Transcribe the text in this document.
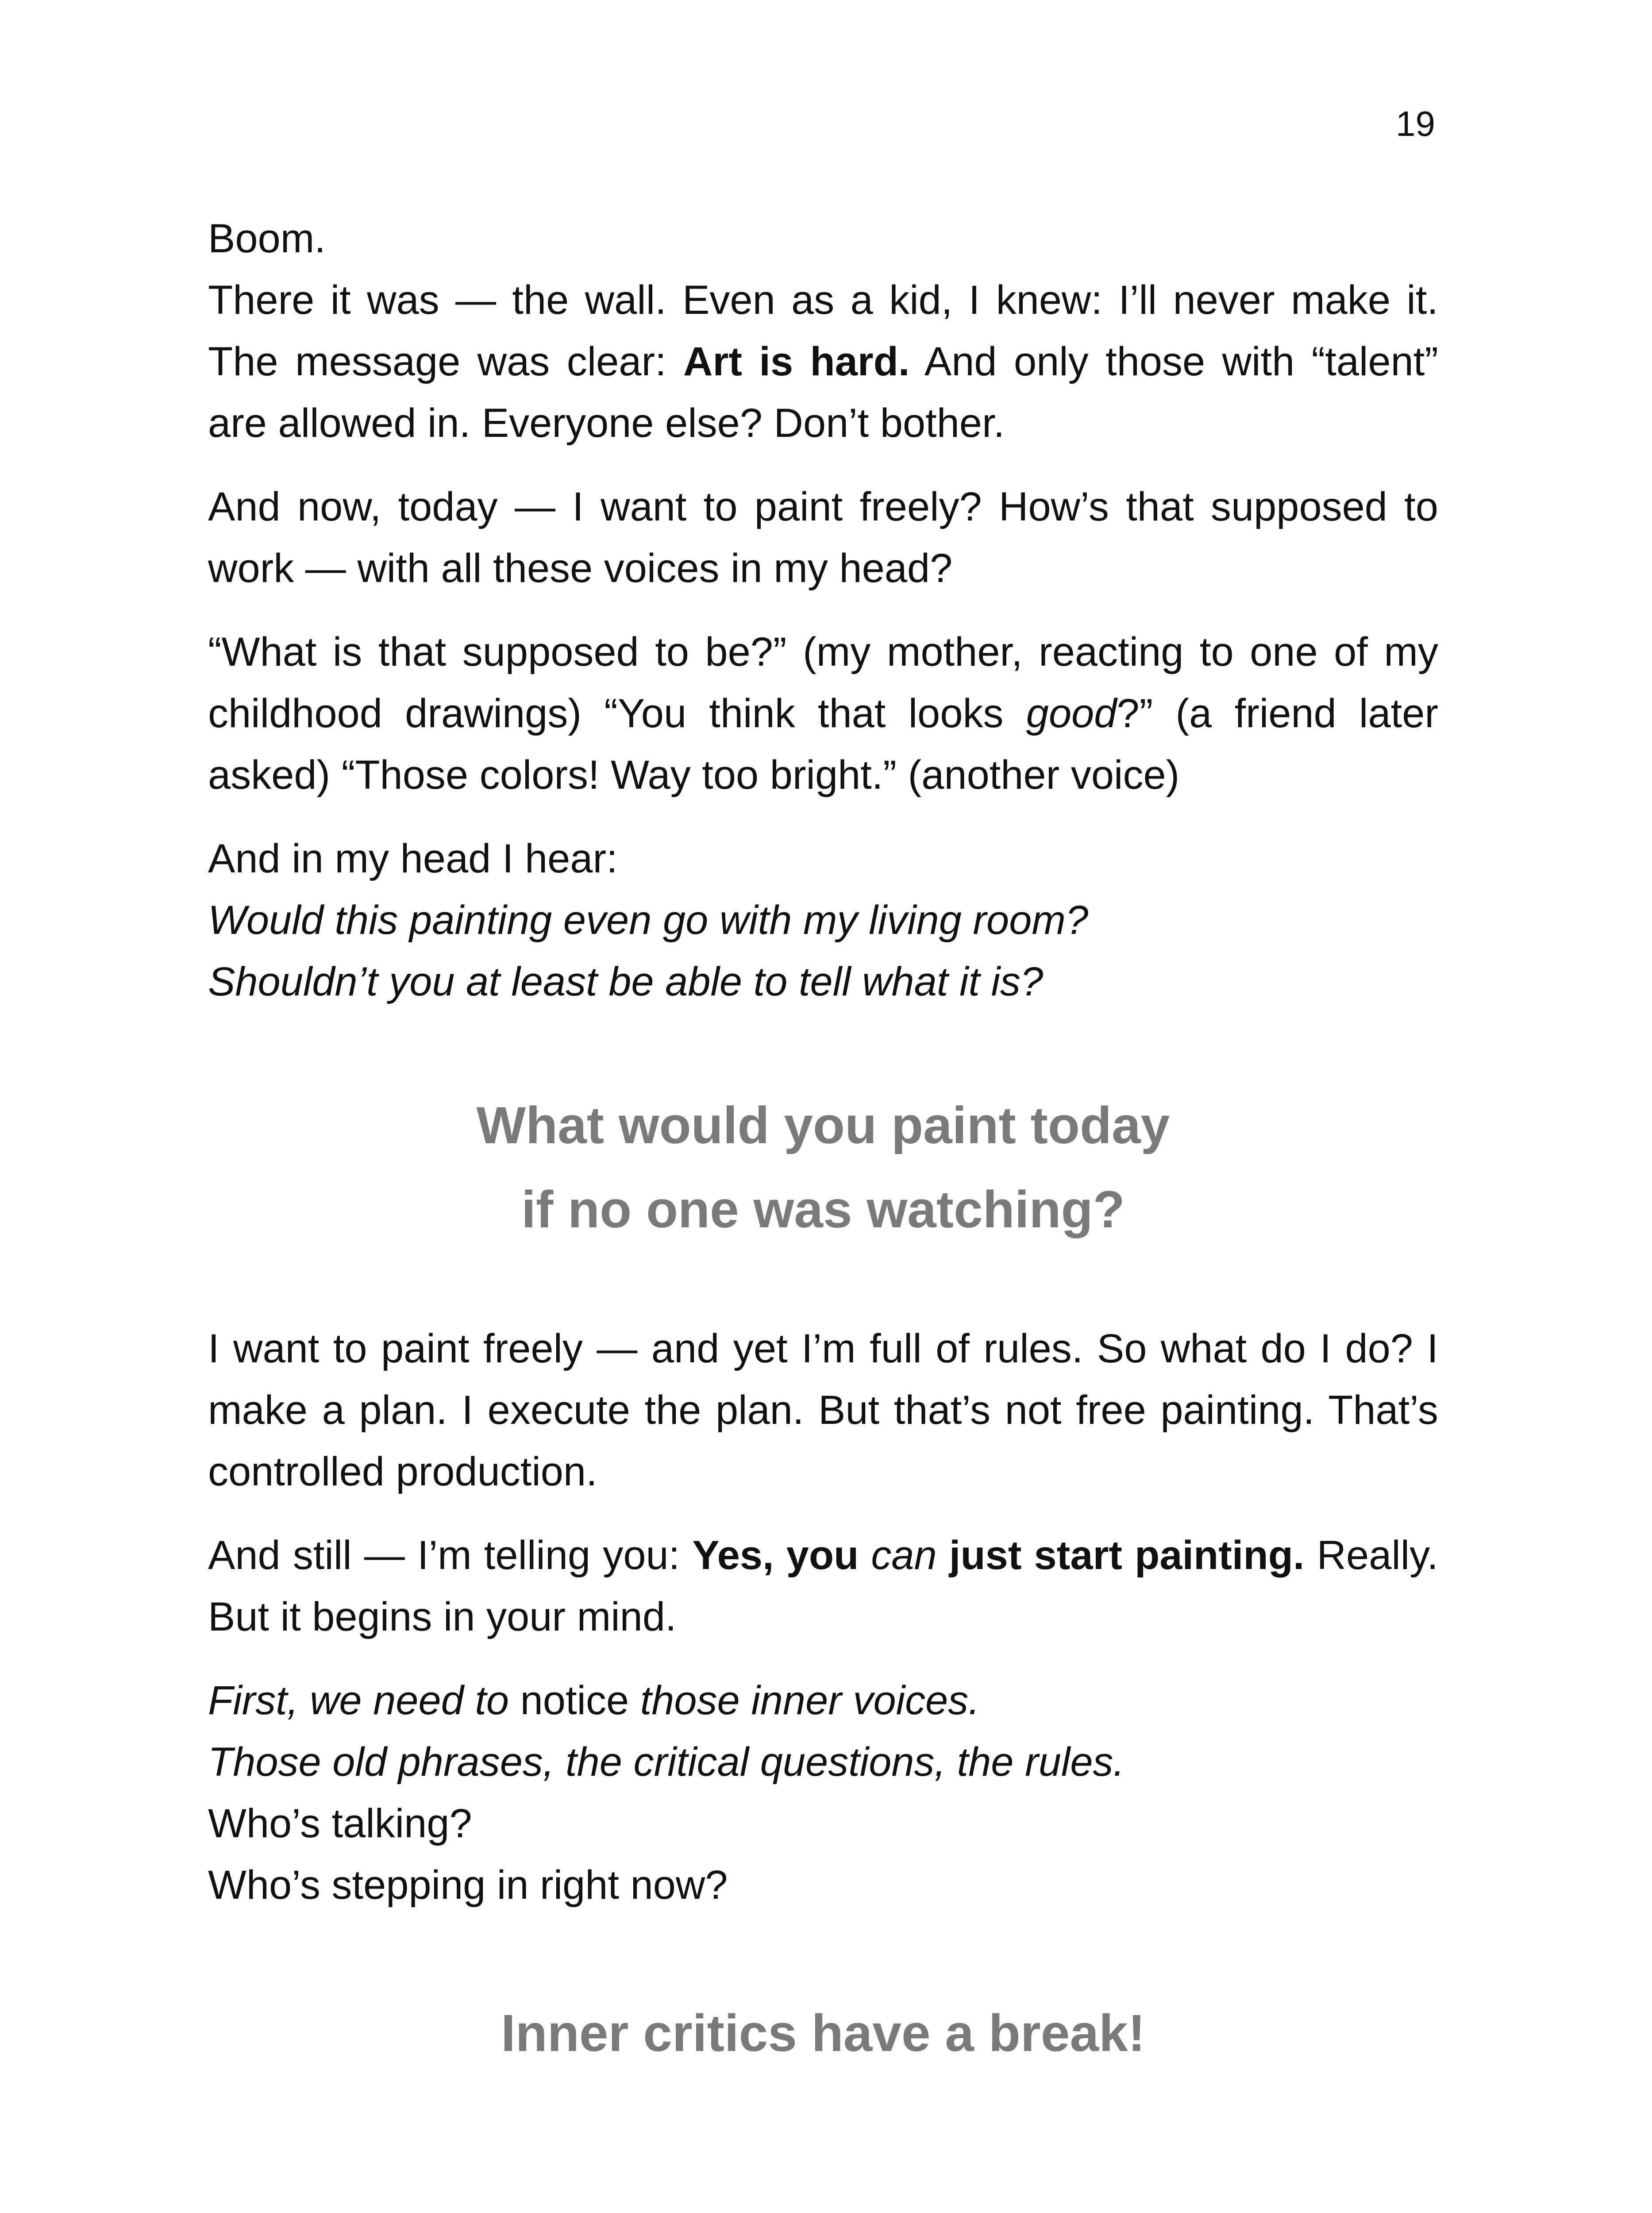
19
Boom.

There it was — the wall. Even as a kid, I knew: I’ll never make it. The message was clear: Art is hard. And only those with “talent” are allowed in. Everyone else? Don’t bother.

And now, today — I want to paint freely? How’s that supposed to work — with all these voices in my head?

“What is that supposed to be?” (my mother, reacting to one of my childhood drawings) “You think that looks good?” (a friend later asked) “Those colors! Way too bright.” (another voice)

And in my head I hear:
Would this painting even go with my living room?
Shouldn’t you at least be able to tell what it is?

What would you paint today

if no one was watching?

I want to paint freely — and yet I’m full of rules. So what do I do? I make a plan. I execute the plan. But that’s not free painting. That’s controlled production.

And still — I’m telling you: Yes, you can just start painting. Really. But it begins in your mind.

First, we need to notice those inner voices.
Those old phrases, the critical questions, the rules.
Who’s talking?
Who’s stepping in right now?

Inner critics have a break!
